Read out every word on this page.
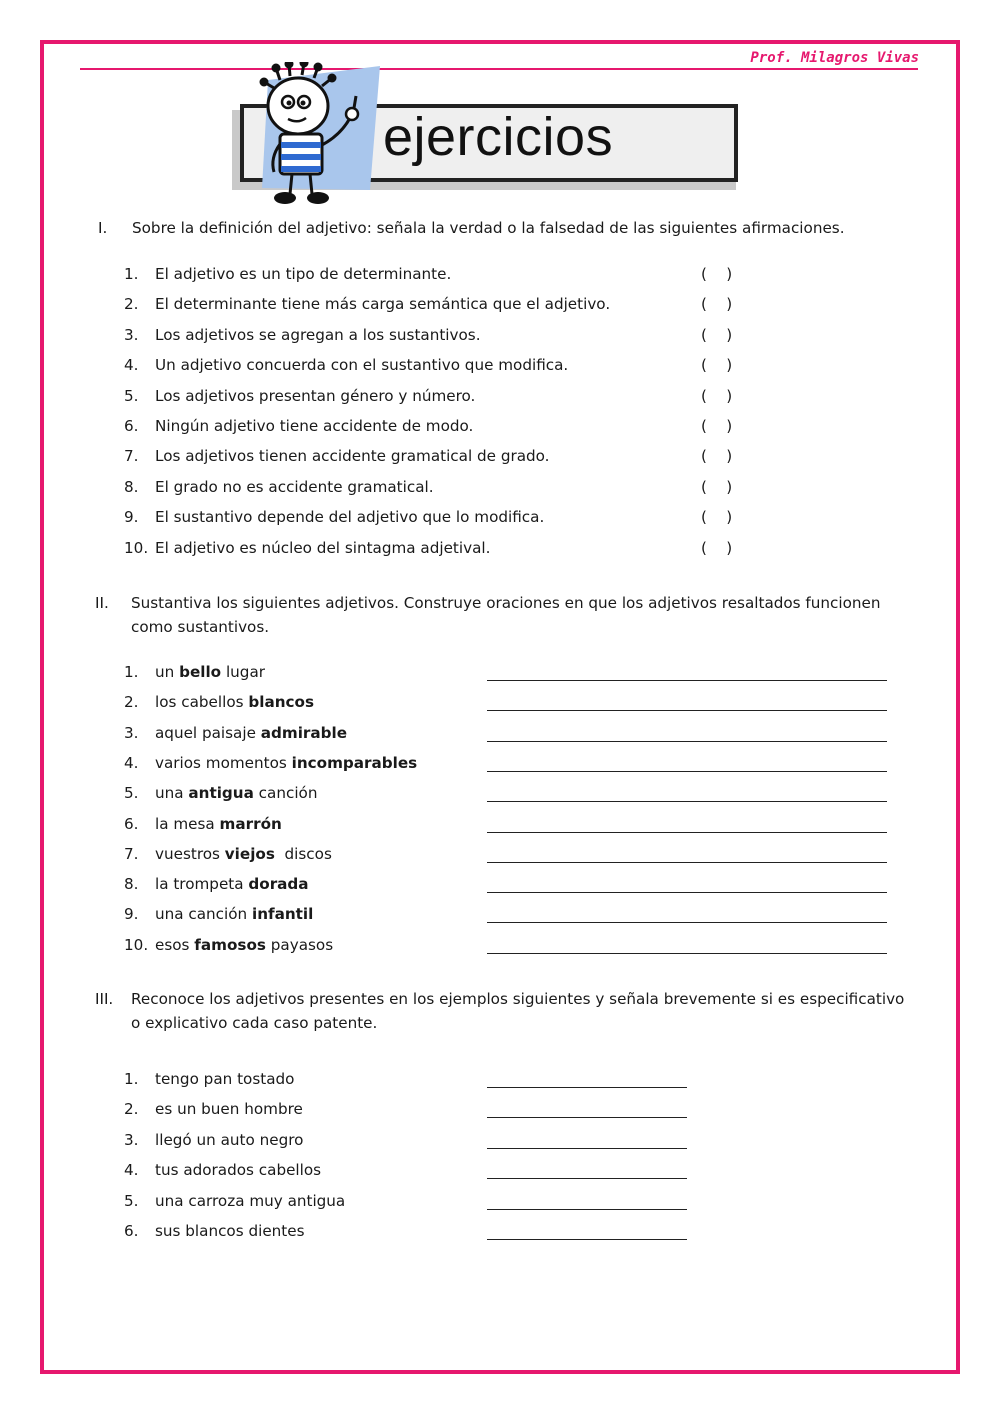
Prof. Milagros Vivas
ejercicios
I. Sobre la definición del adjetivo: señala la verdad o la falsedad de las siguientes afirmaciones.
1. El adjetivo es un tipo de determinante.	(    )
2. El determinante tiene más carga semántica que el adjetivo.	(    )
3. Los adjetivos se agregan a los sustantivos.	(    )
4. Un adjetivo concuerda con el sustantivo que modifica.	(    )
5. Los adjetivos presentan género y número.	(    )
6. Ningún adjetivo tiene accidente de modo.	(    )
7. Los adjetivos tienen accidente gramatical de grado.	(    )
8. El grado no es accidente gramatical.	(    )
9. El sustantivo depende del adjetivo que lo modifica.	(    )
10. El adjetivo es núcleo del sintagma adjetival.	(    )
II. Sustantiva los siguientes adjetivos. Construye oraciones en que los adjetivos resaltados funcionen
como sustantivos.
1. un bello lugar
2. los cabellos blancos
3. aquel paisaje admirable
4. varios momentos incomparables
5. una antigua canción
6. la mesa marrón
7. vuestros viejos  discos
8. la trompeta dorada
9. una canción infantil
10. esos famosos payasos
III. Reconoce los adjetivos presentes en los ejemplos siguientes y señala brevemente si es especificativo
o explicativo cada caso patente.
1. tengo pan tostado
2. es un buen hombre
3. llegó un auto negro
4. tus adorados cabellos
5. una carroza muy antigua
6. sus blancos dientes
